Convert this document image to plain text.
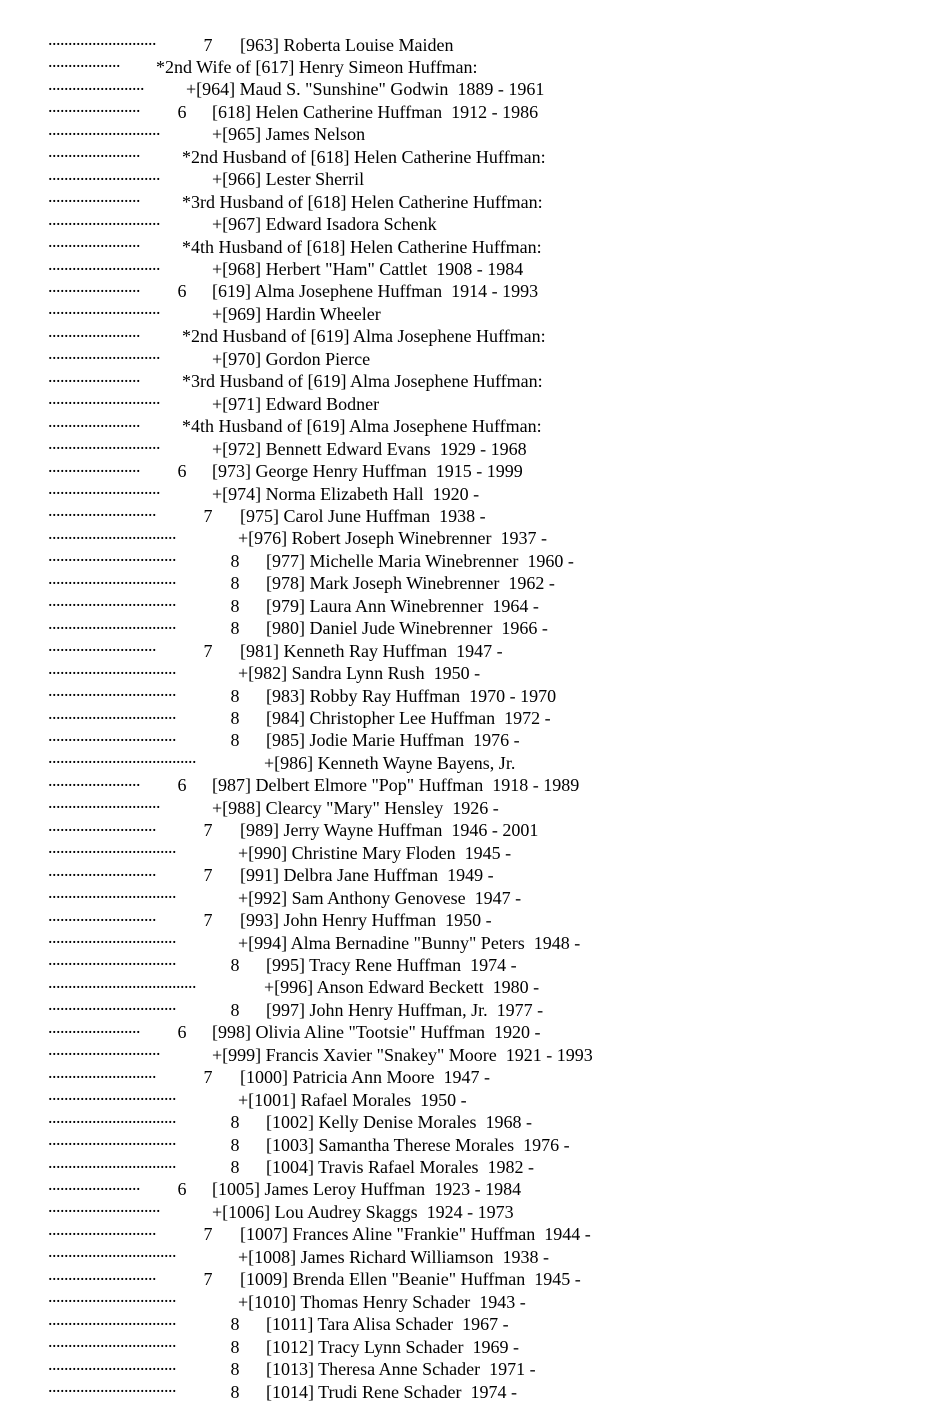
...........................	7 [963] Roberta Louise Maiden
.................. *2nd Wife of [617] Henry Simeon Huffman:
........................ +[964] Maud S. "Sunshine" Godwin  1889 - 1961
....................... 6 [618] Helen Catherine Huffman  1912 - 1986
............................	+[965] James Nelson
....................... *2nd Husband of [618] Helen Catherine Huffman:
............................	+[966] Lester Sherril
....................... *3rd Husband of [618] Helen Catherine Huffman:
............................	+[967] Edward Isadora Schenk
....................... *4th Husband of [618] Helen Catherine Huffman:
............................	+[968] Herbert "Ham" Cattlet  1908 - 1984
....................... 6 [619] Alma Josephene Huffman  1914 - 1993
............................	+[969] Hardin Wheeler
....................... *2nd Husband of [619] Alma Josephene Huffman:
............................	+[970] Gordon Pierce
....................... *3rd Husband of [619] Alma Josephene Huffman:
............................	+[971] Edward Bodner
....................... *4th Husband of [619] Alma Josephene Huffman:
............................	+[972] Bennett Edward Evans  1929 - 1968
....................... 6 [973] George Henry Huffman  1915 - 1999
............................	+[974] Norma Elizabeth Hall  1920 -
...........................	7 [975] Carol June Huffman  1938 -
................................	+[976] Robert Joseph Winebrenner  1937 -
................................	8 [977] Michelle Maria Winebrenner  1960 -
................................	8 [978] Mark Joseph Winebrenner  1962 -
................................	8 [979] Laura Ann Winebrenner  1964 -
................................	8 [980] Daniel Jude Winebrenner  1966 -
...........................	7 [981] Kenneth Ray Huffman  1947 -
................................	+[982] Sandra Lynn Rush  1950 -
................................	8 [983] Robby Ray Huffman  1970 - 1970
................................	8 [984] Christopher Lee Huffman  1972 -
................................	8 [985] Jodie Marie Huffman  1976 -
.....................................	+[986] Kenneth Wayne Bayens, Jr.
....................... 6 [987] Delbert Elmore "Pop" Huffman  1918 - 1989
............................	+[988] Clearcy "Mary" Hensley  1926 -
...........................	7 [989] Jerry Wayne Huffman  1946 - 2001
................................	+[990] Christine Mary Floden  1945 -
...........................	7 [991] Delbra Jane Huffman  1949 -
................................	+[992] Sam Anthony Genovese  1947 -
...........................	7 [993] John Henry Huffman  1950 -
................................	+[994] Alma Bernadine "Bunny" Peters  1948 -
................................	8 [995] Tracy Rene Huffman  1974 -
.....................................	+[996] Anson Edward Beckett  1980 -
................................	8 [997] John Henry Huffman, Jr.  1977 -
....................... 6 [998] Olivia Aline "Tootsie" Huffman  1920 -
............................	+[999] Francis Xavier "Snakey" Moore  1921 - 1993
...........................	7 [1000] Patricia Ann Moore  1947 -
................................	+[1001] Rafael Morales  1950 -
................................	8 [1002] Kelly Denise Morales  1968 -
................................	8 [1003] Samantha Therese Morales  1976 -
................................	8 [1004] Travis Rafael Morales  1982 -
....................... 6 [1005] James Leroy Huffman  1923 - 1984
............................	+[1006] Lou Audrey Skaggs  1924 - 1973
...........................	7 [1007] Frances Aline "Frankie" Huffman  1944 -
................................	+[1008] James Richard Williamson  1938 -
...........................	7 [1009] Brenda Ellen "Beanie" Huffman  1945 -
................................	+[1010] Thomas Henry Schader  1943 -
................................	8 [1011] Tara Alisa Schader  1967 -
................................	8 [1012] Tracy Lynn Schader  1969 -
................................	8 [1013] Theresa Anne Schader  1971 -
................................	8 [1014] Trudi Rene Schader  1974 -
